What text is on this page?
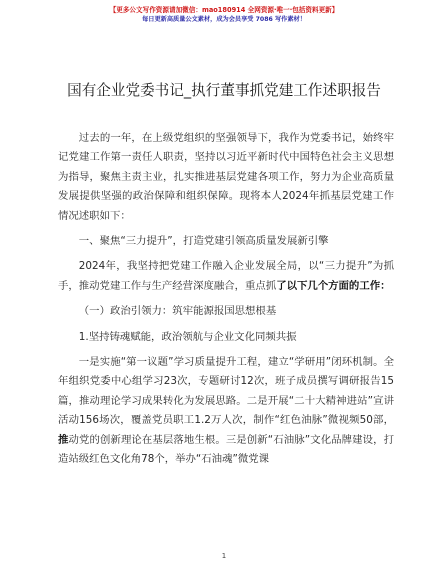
【更多公文写作资源请加微信：mao180914 全网资源·唯一·包括资料更新】
每日更新高质量公文素材，成为会员享受 7086 写作素材！
国有企业党委书记_执行董事抓党建工作述职报告

过去的一年，在上级党组织的坚强领导下，我作为党委书记，始终牢记党建工作第一责任人职责，坚持以习近平新时代中国特色社会主义思想为指导，聚焦主责主业，扎实推进基层党建各项工作，努力为企业高质量发展提供坚强的政治保障和组织保障。现将本人2024年抓基层党建工作情况述职如下：

一、聚焦“三力提升”，打造党建引领高质量发展新引擎

2024年，我坚持把党建工作融入企业发展全局，以“三力提升”为抓手，推动党建工作与生产经营深度融合，重点抓了以下几个方面的工作：

（一）政治引领力：筑牢能源报国思想根基

1.坚持铸魂赋能，政治领航与企业文化同频共振

一是实施“第一议题”学习质量提升工程，建立“学研用”闭环机制。全年组织党委中心组学习23次，专题研讨12次，班子成员撰写调研报告15篇，推动理论学习成果转化为发展思路。二是开展“二十大精神进站”宣讲活动156场次，覆盖党员职工1.2万人次，制作“红色油脉”微视频50部，推动党的创新理论在基层落地生根。三是创新“石油脉”文化品牌建设，打造站级红色文化角78个，举办“石油魂”微党课

1
